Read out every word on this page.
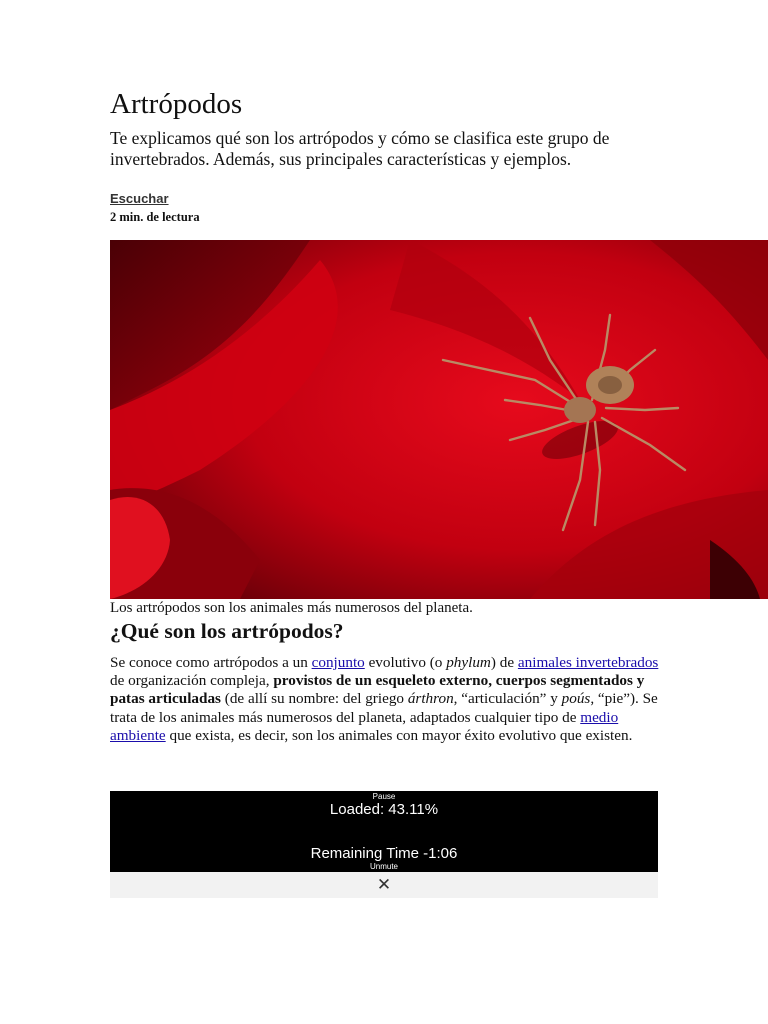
Artrópodos

Te explicamos qué son los artrópodos y cómo se clasifica este grupo de invertebrados. Además, sus principales características y ejemplos.

Escuchar
2 min. de lectura
Los artrópodos son los animales más numerosos del planeta.
¿Qué son los artrópodos?

Se conoce como artrópodos a un conjunto evolutivo (o phylum) de animales invertebrados de organización compleja, provistos de un esqueleto externo, cuerpos segmentados y patas articuladas (de allí su nombre: del griego árthron, “articulación” y poús, “pie”). Se trata de los animales más numerosos del planeta, adaptados cualquier tipo de medio ambiente que exista, es decir, son los animales con mayor éxito evolutivo que existen.

Pause
Loaded: 43.11%
Remaining Time -1:06
Unmute
✕
